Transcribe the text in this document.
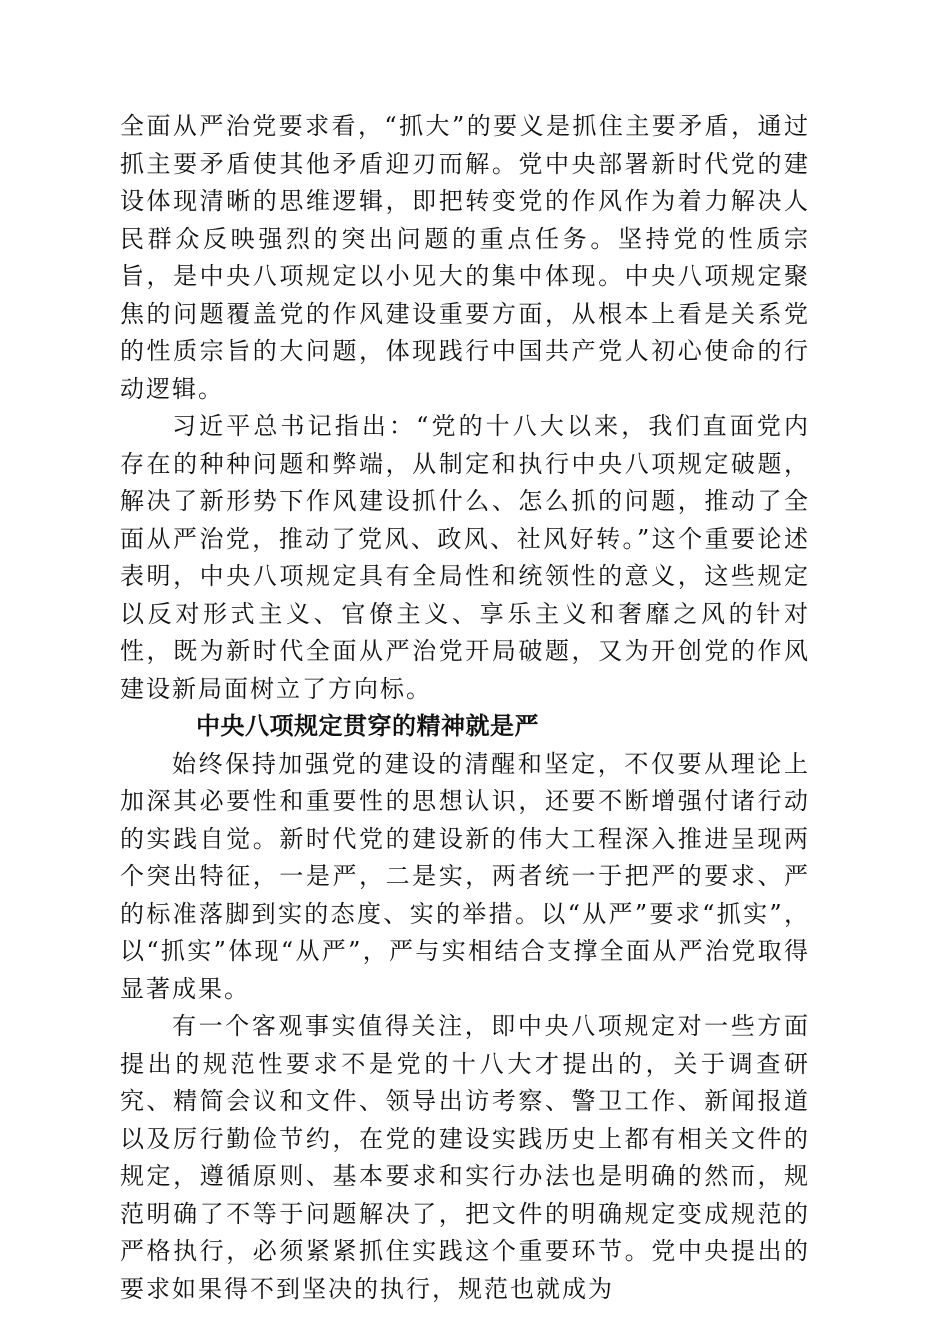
全面从严治党要求看，“抓大”的要义是抓住主要矛盾，通过抓主要矛盾使其他矛盾迎刃而解。党中央部署新时代党的建设体现清晰的思维逻辑，即把转变党的作风作为着力解决人民群众反映强烈的突出问题的重点任务。坚持党的性质宗旨，是中央八项规定以小见大的集中体现。中央八项规定聚焦的问题覆盖党的作风建设重要方面，从根本上看是关系党的性质宗旨的大问题，体现践行中国共产党人初心使命的行动逻辑。

习近平总书记指出：“党的十八大以来，我们直面党内存在的种种问题和弊端，从制定和执行中央八项规定破题，解决了新形势下作风建设抓什么、怎么抓的问题，推动了全面从严治党，推动了党风、政风、社风好转。”这个重要论述表明，中央八项规定具有全局性和统领性的意义，这些规定以反对形式主义、官僚主义、享乐主义和奢靡之风的针对性，既为新时代全面从严治党开局破题，又为开创党的作风建设新局面树立了方向标。

中央八项规定贯穿的精神就是严

始终保持加强党的建设的清醒和坚定，不仅要从理论上加深其必要性和重要性的思想认识，还要不断增强付诸行动的实践自觉。新时代党的建设新的伟大工程深入推进呈现两个突出特征，一是严，二是实，两者统一于把严的要求、严的标准落脚到实的态度、实的举措。以“从严”要求“抓实”，以“抓实”体现“从严”，严与实相结合支撑全面从严治党取得显著成果。

有一个客观事实值得关注，即中央八项规定对一些方面提出的规范性要求不是党的十八大才提出的，关于调查研究、精简会议和文件、领导出访考察、警卫工作、新闻报道以及厉行勤俭节约，在党的建设实践历史上都有相关文件的规定，遵循原则、基本要求和实行办法也是明确的然而，规范明确了不等于问题解决了，把文件的明确规定变成规范的严格执行，必须紧紧抓住实践这个重要环节。党中央提出的要求如果得不到坚决的执行，规范也就成为
